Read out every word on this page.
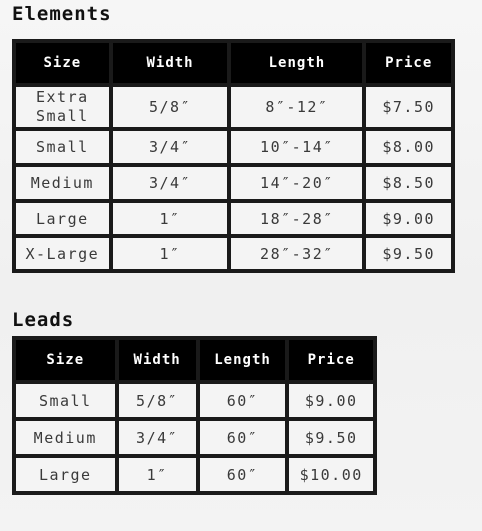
Elements
Size	Width	Length	Price
Extra Small	5/8″	8″-12″	$7.50
Small	3/4″	10″-14″	$8.00
Medium	3/4″	14″-20″	$8.50
Large	1″	18″-28″	$9.00
X-Large	1″	28″-32″	$9.50
Leads
Size	Width	Length	Price
Small	5/8″	60″	$9.00
Medium	3/4″	60″	$9.50
Large	1″	60″	$10.00
